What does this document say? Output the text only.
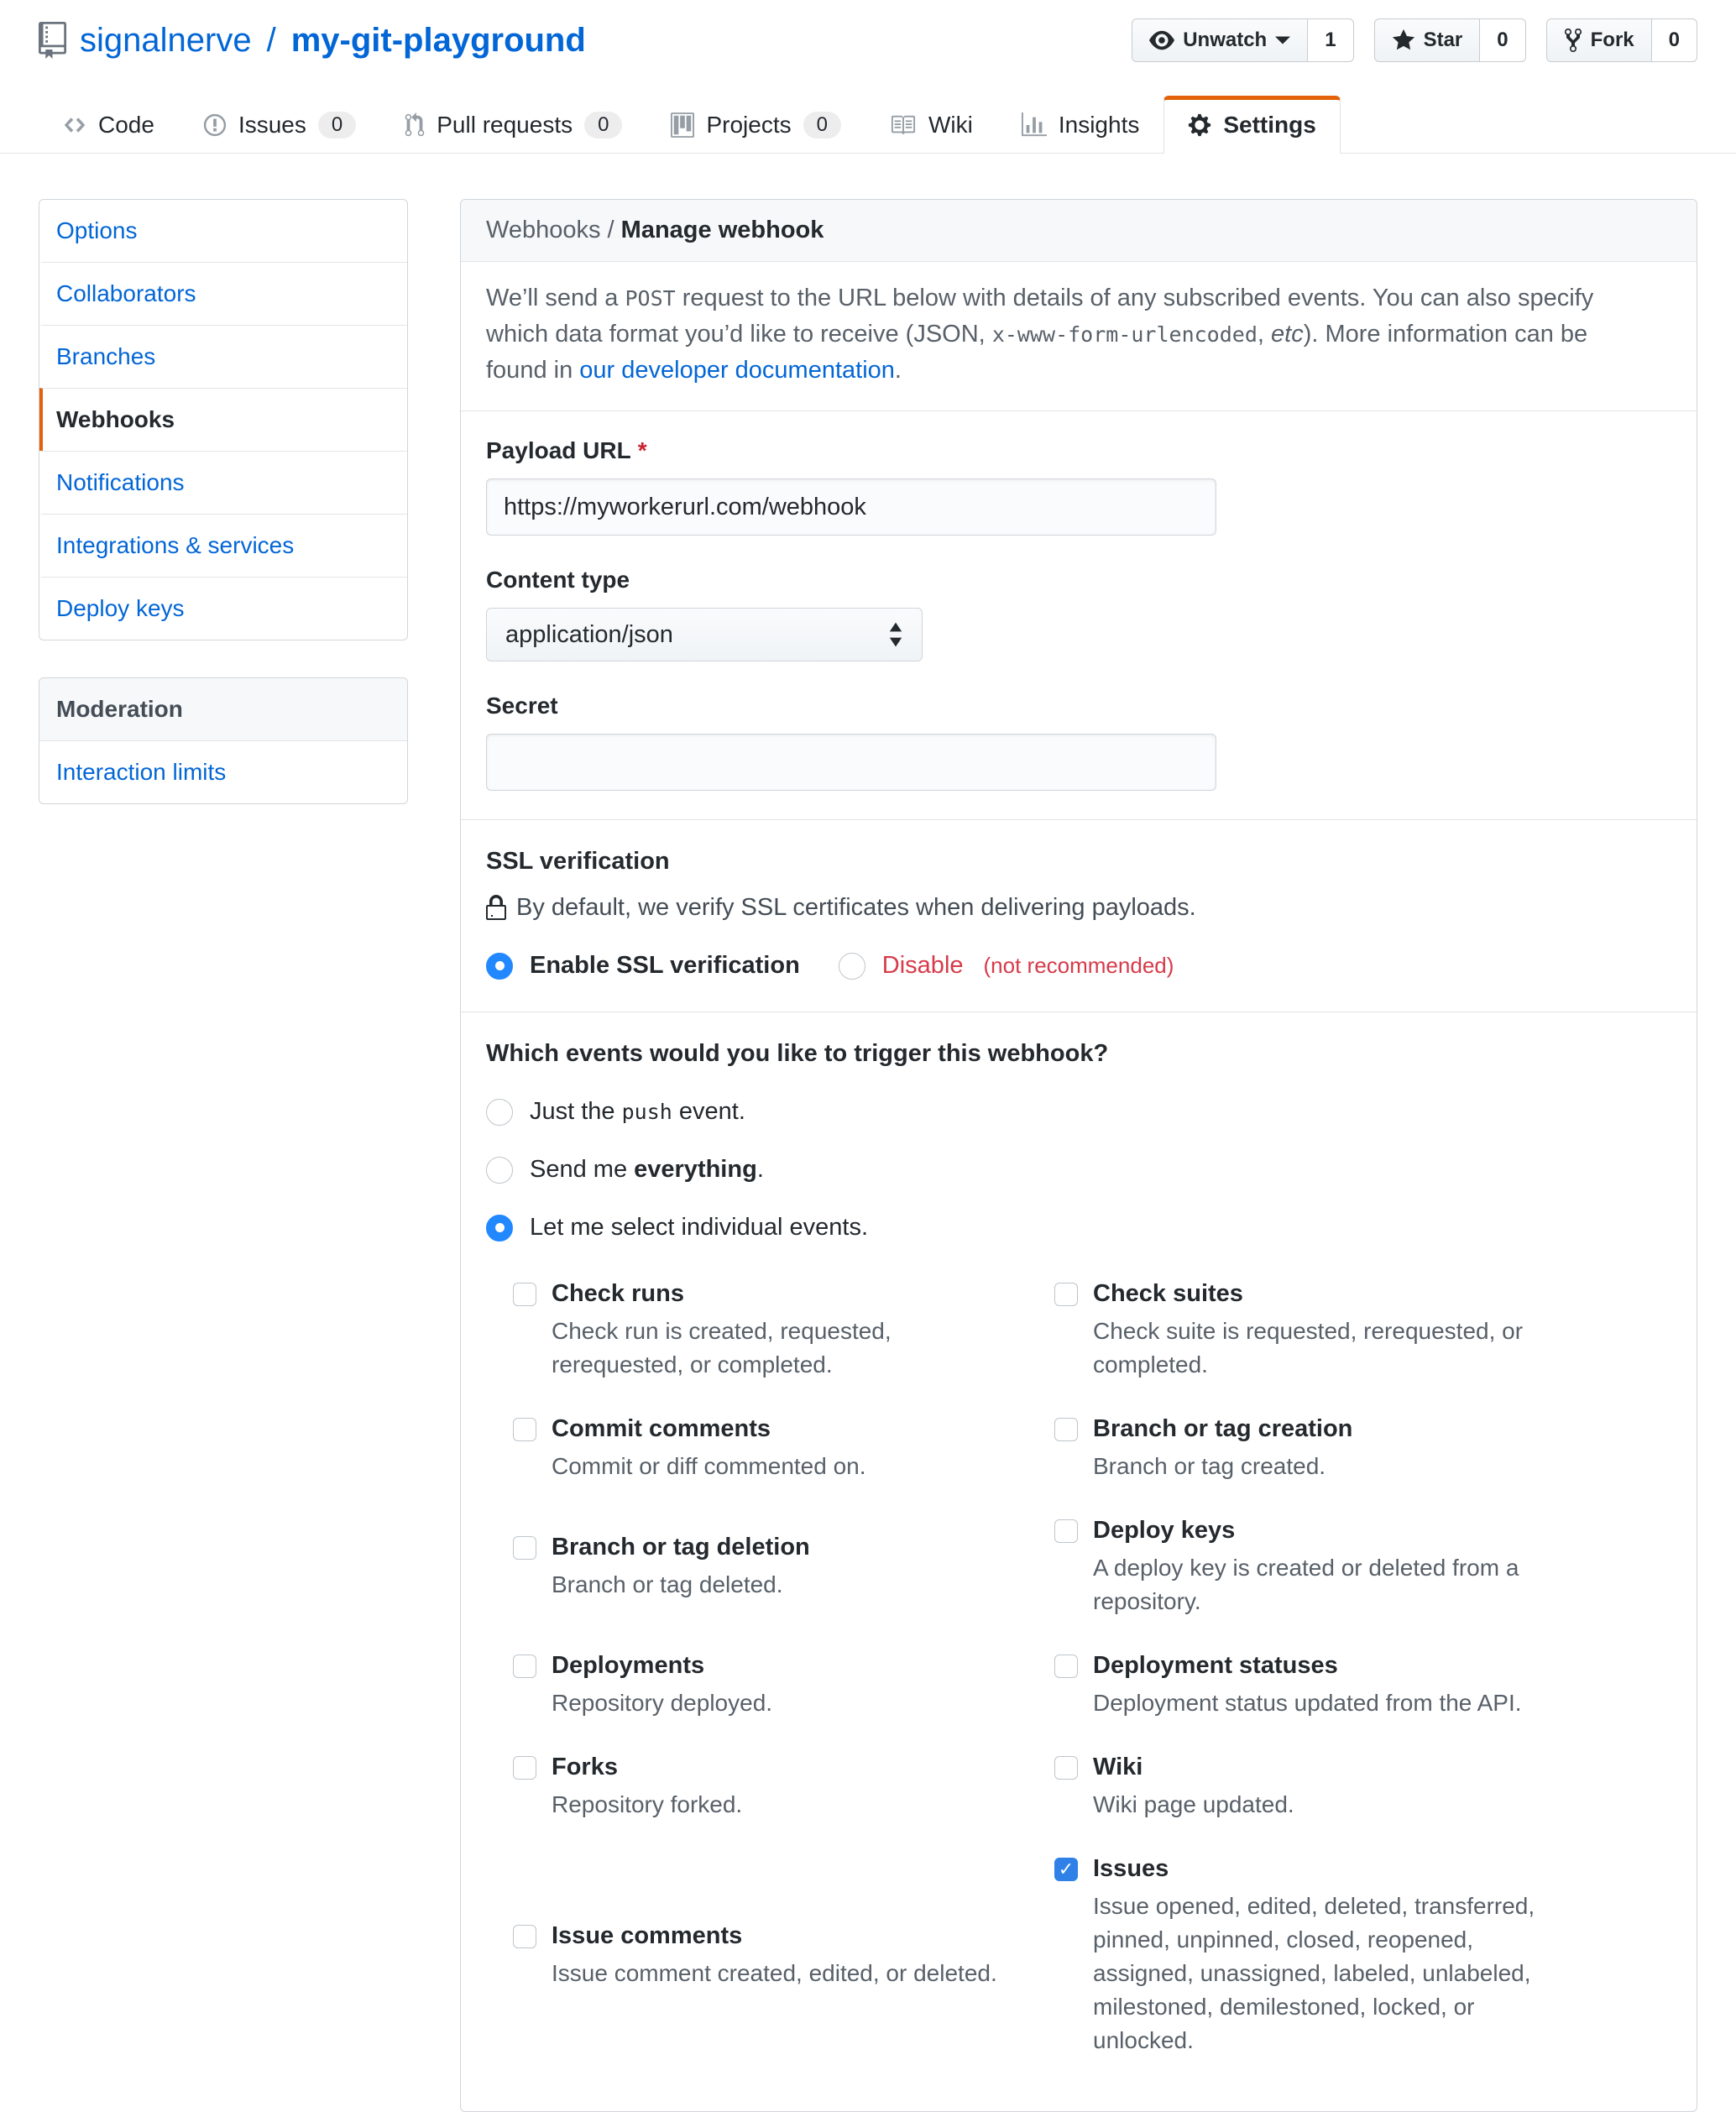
signalnerve / my-git-playground	Unwatch	1	Star	0	Fork	0
Code	Issues	0	Pull requests	0	Projects	0	Wiki	Insights	Settings
Options
Collaborators
Branches
Webhooks
Notifications
Integrations & services
Deploy keys
Moderation
Interaction limits
Webhooks / Manage webhook
We’ll send a POST request to the URL below with details of any subscribed events. You can also specify which data format you’d like to receive (JSON, x-www-form-urlencoded, etc). More information can be found in our developer documentation.
Payload URL *
https://myworkerurl.com/webhook
Content type
application/json
Secret
SSL verification
By default, we verify SSL certificates when delivering payloads.
Enable SSL verification	Disable (not recommended)
Which events would you like to trigger this webhook?
Just the push event.
Send me everything.
Let me select individual events.
Check runs
Check run is created, requested, rerequested, or completed.
Check suites
Check suite is requested, rerequested, or completed.
Commit comments
Commit or diff commented on.
Branch or tag creation
Branch or tag created.
Branch or tag deletion
Branch or tag deleted.
Deploy keys
A deploy key is created or deleted from a repository.
Deployments
Repository deployed.
Deployment statuses
Deployment status updated from the API.
Forks
Repository forked.
Wiki
Wiki page updated.
Issue comments
Issue comment created, edited, or deleted.
✓
Issues
Issue opened, edited, deleted, transferred, pinned, unpinned, closed, reopened, assigned, unassigned, labeled, unlabeled, milestoned, demilestoned, locked, or unlocked.
